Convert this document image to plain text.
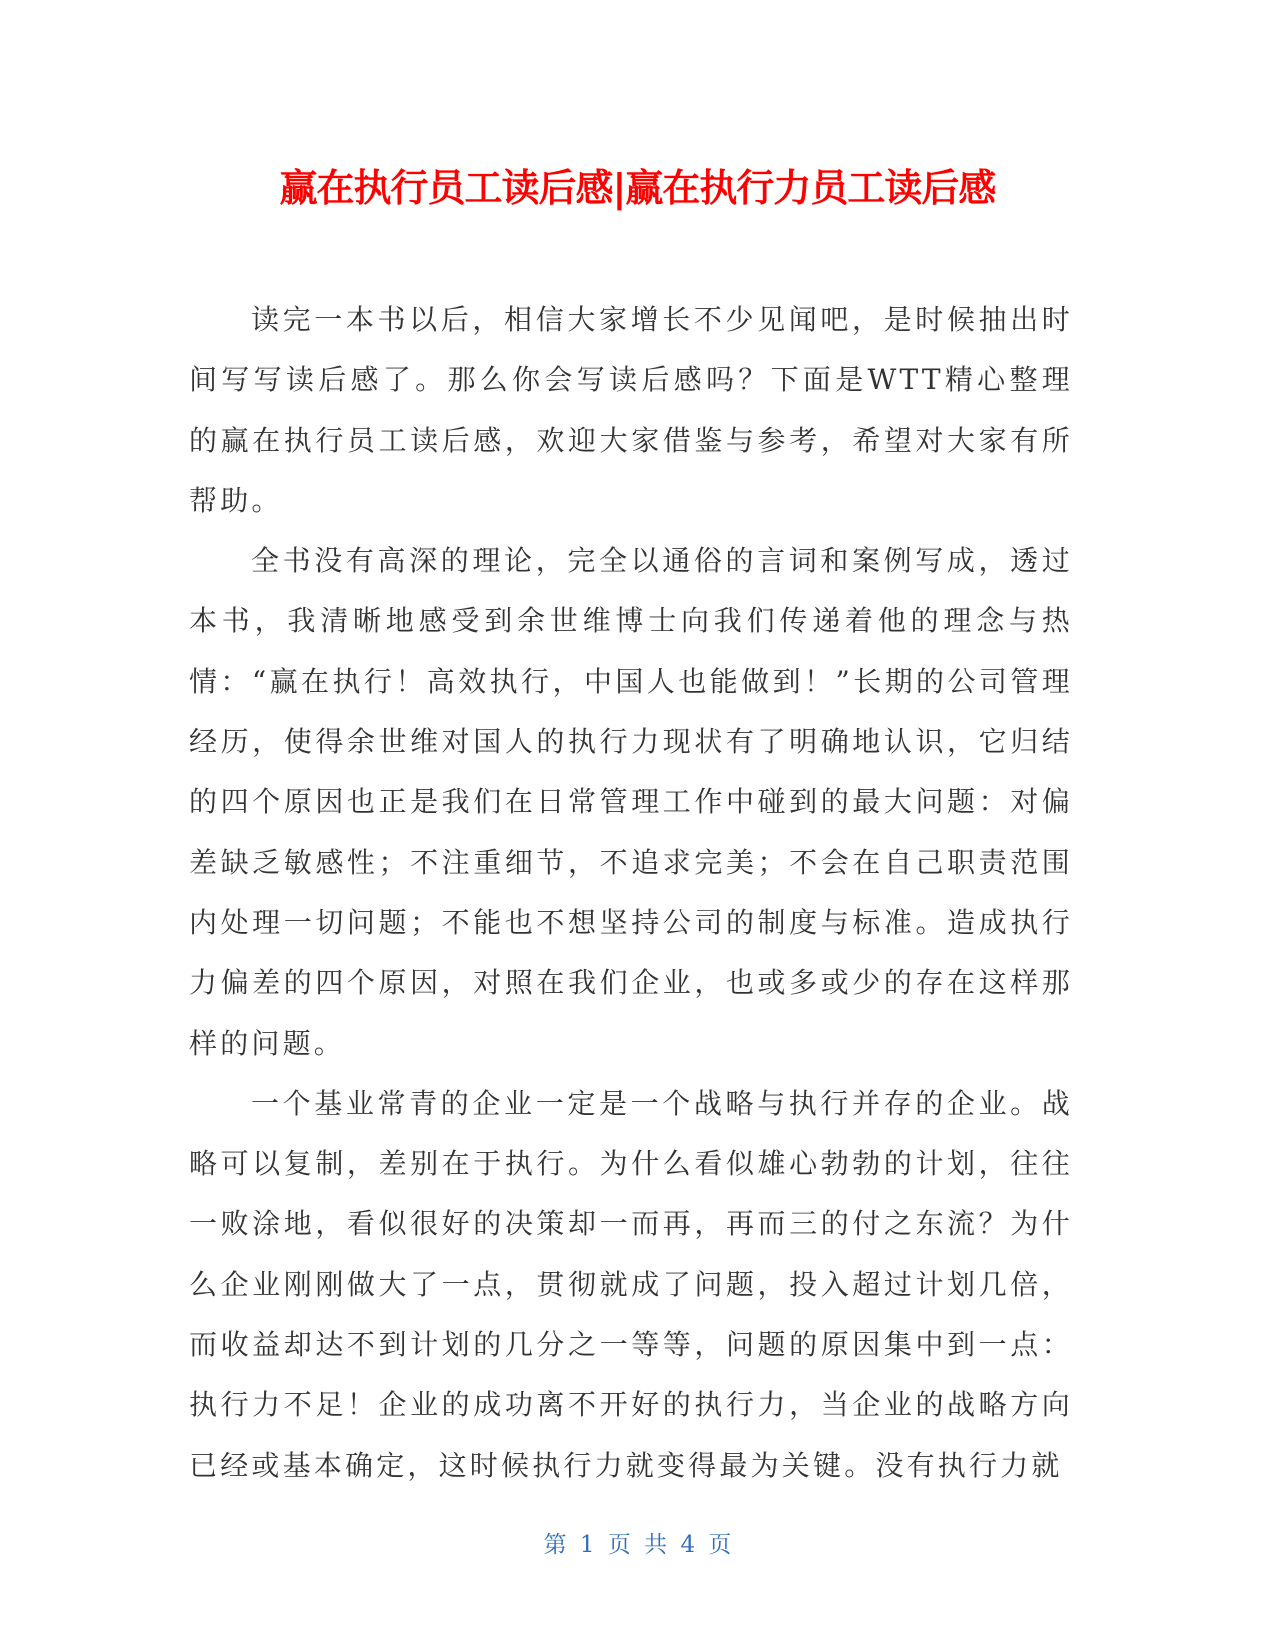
赢在执行员工读后感|赢在执行力员工读后感

读完一本书以后，相信大家增长不少见闻吧，是时候抽出时间写写读后感了。那么你会写读后感吗？下面是WTT精心整理的赢在执行员工读后感，欢迎大家借鉴与参考，希望对大家有所帮助。

全书没有高深的理论，完全以通俗的言词和案例写成，透过本书，我清晰地感受到余世维博士向我们传递着他的理念与热情：“赢在执行！高效执行，中国人也能做到！”长期的公司管理经历，使得余世维对国人的执行力现状有了明确地认识，它归结的四个原因也正是我们在日常管理工作中碰到的最大问题：对偏差缺乏敏感性；不注重细节，不追求完美；不会在自己职责范围内处理一切问题；不能也不想坚持公司的制度与标准。造成执行力偏差的四个原因，对照在我们企业，也或多或少的存在这样那样的问题。

一个基业常青的企业一定是一个战略与执行并存的企业。战略可以复制，差别在于执行。为什么看似雄心勃勃的计划，往往一败涂地，看似很好的决策却一而再，再而三的付之东流？为什么企业刚刚做大了一点，贯彻就成了问题，投入超过计划几倍，而收益却达不到计划的几分之一等等，问题的原因集中到一点：执行力不足！企业的成功离不开好的执行力，当企业的战略方向已经或基本确定，这时候执行力就变得最为关键。没有执行力就

第 1 页 共 4 页
